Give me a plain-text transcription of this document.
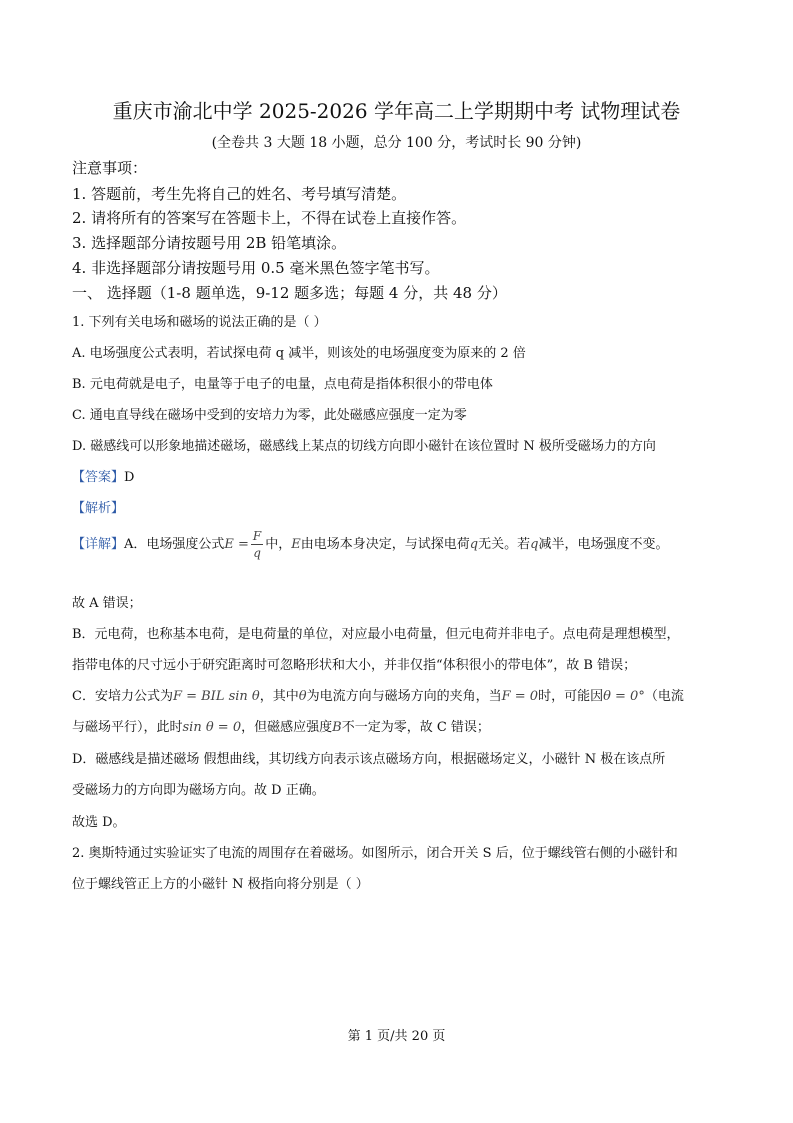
重庆市渝北中学 2025-2026 学年高二上学期期中考 试物理试卷
(全卷共 3 大题 18 小题，总分 100 分，考试时长 90 分钟)
注意事项：
1. 答题前，考生先将自己的姓名、考号填写清楚。
2. 请将所有的答案写在答题卡上，不得在试卷上直接作答。
3. 选择题部分请按题号用 2B 铅笔填涂。
4. 非选择题部分请按题号用 0.5 毫米黑色签字笔书写。
一、 选择题（1-8 题单选，9-12 题多选；每题 4 分，共 48 分）
1. 下列有关电场和磁场的说法正确的是（ ）
A. 电场强度公式表明，若试探电荷 q 减半，则该处的电场强度变为原来的 2 倍
B. 元电荷就是电子，电量等于电子的电量，点电荷是指体积很小的带电体
C. 通电直导线在磁场中受到的安培力为零，此处磁感应强度一定为零
D. 磁感线可以形象地描述磁场，磁感线上某点的切线方向即小磁针在该位置时 N 极所受磁场力的方向
【答案】D
【解析】
【详解】A．电场强度公式$E = \frac{F}{q}$ 中，E由电场本身决定，与试探电荷q无关。若q减半，电场强度不变。
故 A 错误；
B．元电荷，也称基本电荷，是电荷量的单位，对应最小电荷量，但元电荷并非电子。点电荷是理想模型，
指带电体的尺寸远小于研究距离时可忽略形状和大小，并非仅指“体积很小的带电体”，故 B 错误；
C．安培力公式为F = BIL sin θ，其中θ为电流方向与磁场方向的夹角，当F = 0时，可能因θ = 0°（电流
与磁场平行），此时sin θ = 0，但磁感应强度B不一定为零，故 C 错误；
D．磁感线是描述磁场 假想曲线，其切线方向表示该点磁场方向，根据磁场定义，小磁针 N 极在该点所
受磁场力的方向即为磁场方向。故 D 正确。
故选 D。
2. 奥斯特通过实验证实了电流的周围存在着磁场。如图所示，闭合开关 S 后，位于螺线管右侧的小磁针和
位于螺线管正上方的小磁针 N 极指向将分别是（ ）
第 1 页/共 20 页
